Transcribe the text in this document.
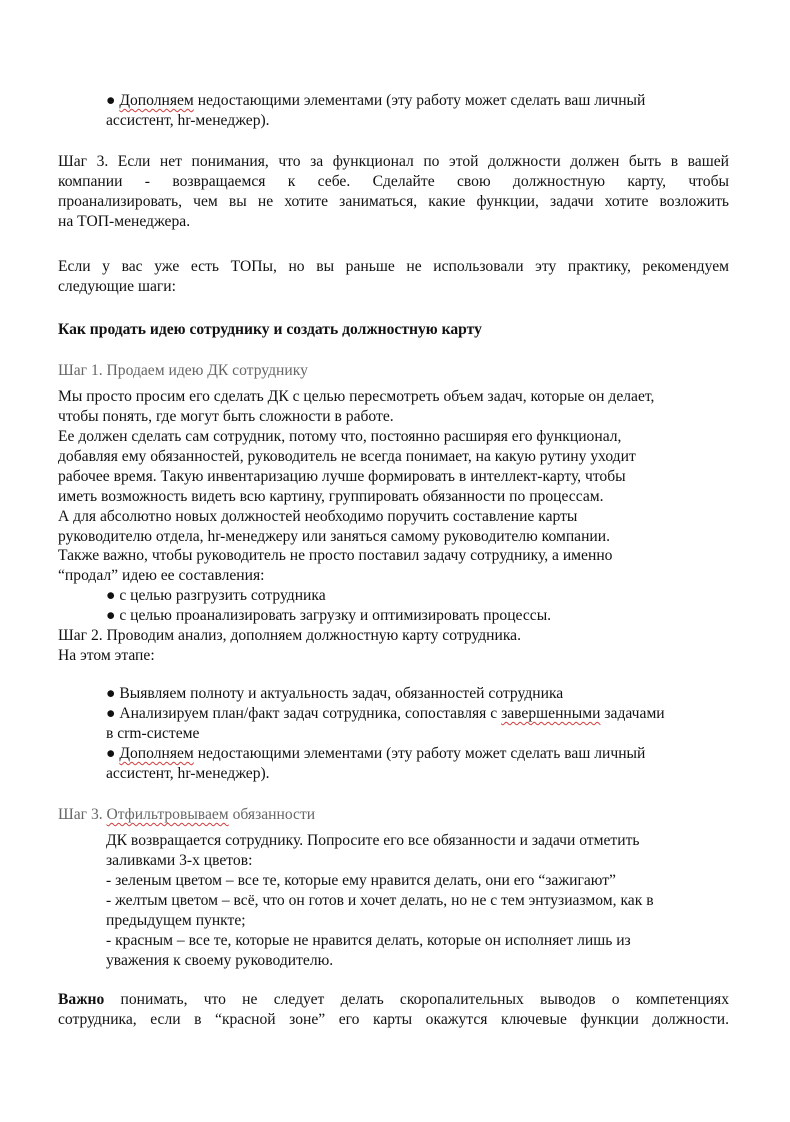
● Дополняем недостающими элементами (эту работу может сделать ваш личный
ассистент, hr-менеджер).
Шаг 3. Если нет понимания, что за функционал по этой должности должен быть в вашей
компании - возвращаемся к себе. Сделайте свою должностную карту, чтобы
проанализировать, чем вы не хотите заниматься, какие функции, задачи хотите возложить
на ТОП-менеджера.
Если у вас уже есть ТОПы, но вы раньше не использовали эту практику, рекомендуем
следующие шаги:
Как продать идею сотруднику и создать должностную карту
Шаг 1. Продаем идею ДК сотруднику
Мы просто просим его сделать ДК с целью пересмотреть объем задач, которые он делает,
чтобы понять, где могут быть сложности в работе.
Ее должен сделать сам сотрудник, потому что, постоянно расширяя его функционал,
добавляя ему обязанностей, руководитель не всегда понимает, на какую рутину уходит
рабочее время. Такую инвентаризацию лучше формировать в интеллект-карту, чтобы
иметь возможность видеть всю картину, группировать обязанности по процессам.
А для абсолютно новых должностей необходимо поручить составление карты
руководителю отдела, hr-менеджеру или заняться самому руководителю компании.
Также важно, чтобы руководитель не просто поставил задачу сотруднику, а именно
“продал” идею ее составления:
● с целью разгрузить сотрудника
● с целью проанализировать загрузку и оптимизировать процессы.
Шаг 2. Проводим анализ, дополняем должностную карту сотрудника.
На этом этапе:
● Выявляем полноту и актуальность задач, обязанностей сотрудника
● Анализируем план/факт задач сотрудника, сопоставляя с завершенными задачами
в crm-системе
● Дополняем недостающими элементами (эту работу может сделать ваш личный
ассистент, hr-менеджер).
Шаг 3. Отфильтровываем обязанности
ДК возвращается сотруднику. Попросите его все обязанности и задачи отметить
заливками 3-х цветов:
- зеленым цветом – все те, которые ему нравится делать, они его “зажигают”
- желтым цветом – всё, что он готов и хочет делать, но не с тем энтузиазмом, как в
предыдущем пункте;
- красным – все те, которые не нравится делать, которые он исполняет лишь из
уважения к своему руководителю.
Важно понимать, что не следует делать скоропалительных выводов о компетенциях
сотрудника, если в “красной зоне” его карты окажутся ключевые функции должности.
